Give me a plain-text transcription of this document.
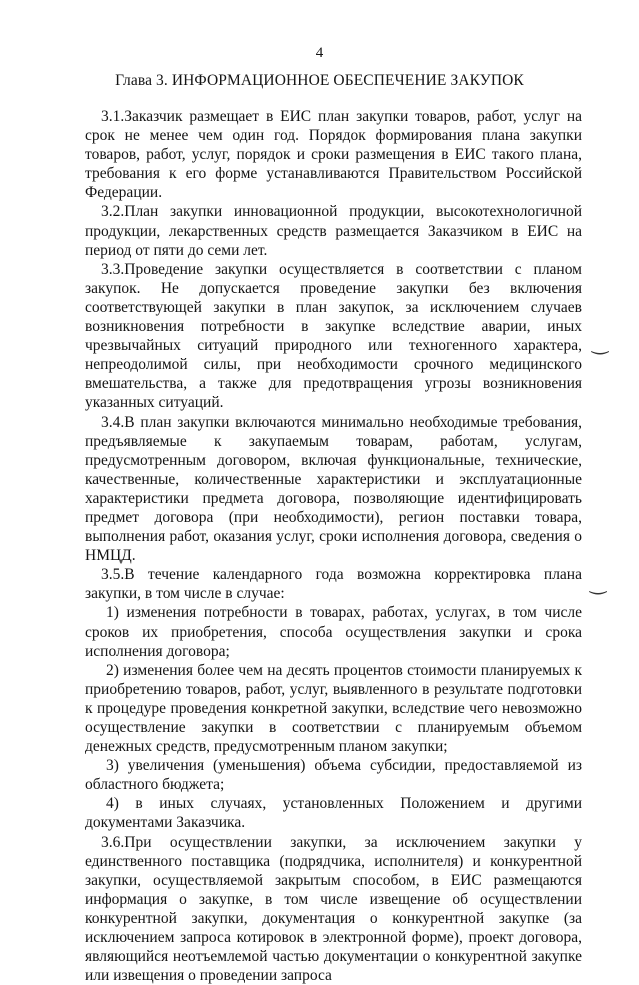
4
Глава 3. ИНФОРМАЦИОННОЕ ОБЕСПЕЧЕНИЕ ЗАКУПОК

3.1.Заказчик размещает в ЕИС план закупки товаров, работ, услуг на срок не менее чем один год. Порядок формирования плана закупки товаров, работ, услуг, порядок и сроки размещения в ЕИС такого плана, требования к его форме устанавливаются Правительством Российской Федерации.

3.2.План закупки инновационной продукции, высокотехнологичной продукции, лекарственных средств размещается Заказчиком в ЕИС на период от пяти до семи лет.

3.3.Проведение закупки осуществляется в соответствии с планом закупок. Не допускается проведение закупки без включения соответствующей закупки в план закупок, за исключением случаев возникновения потребности в закупке вследствие аварии, иных чрезвычайных ситуаций природного или техногенного характера, непреодолимой силы, при необходимости срочного медицинского вмешательства, а также для предотвращения угрозы возникновения указанных ситуаций.

3.4.В план закупки включаются минимально необходимые требования, предъявляемые к закупаемым товарам, работам, услугам, предусмотренным договором, включая функциональные, технические, качественные, количественные характеристики и эксплуатационные характеристики предмета договора, позволяющие идентифицировать предмет договора (при необходимости), регион поставки товара, выполнения работ, оказания услуг, сроки исполнения договора, сведения о НМЦД.

3.5.В течение календарного года возможна корректировка плана закупки, в том числе в случае:

1) изменения потребности в товарах, работах, услугах, в том числе сроков их приобретения, способа осуществления закупки и срока исполнения договора;

2) изменения более чем на десять процентов стоимости планируемых к приобретению товаров, работ, услуг, выявленного в результате подготовки к процедуре проведения конкретной закупки, вследствие чего невозможно осуществление закупки в соответствии с планируемым объемом денежных средств, предусмотренным планом закупки;

3) увеличения (уменьшения) объема субсидии, предоставляемой из областного бюджета;

4) в иных случаях, установленных Положением и другими документами Заказчика.

3.6.При осуществлении закупки, за исключением закупки у единственного поставщика (подрядчика, исполнителя) и конкурентной закупки, осуществляемой закрытым способом, в ЕИС размещаются информация о закупке, в том числе извещение об осуществлении конкурентной закупки, документация о конкурентной закупке (за исключением запроса котировок в электронной форме), проект договора, являющийся неотъемлемой частью документации о конкурентной закупке или извещения о проведении запроса

‿
‿
